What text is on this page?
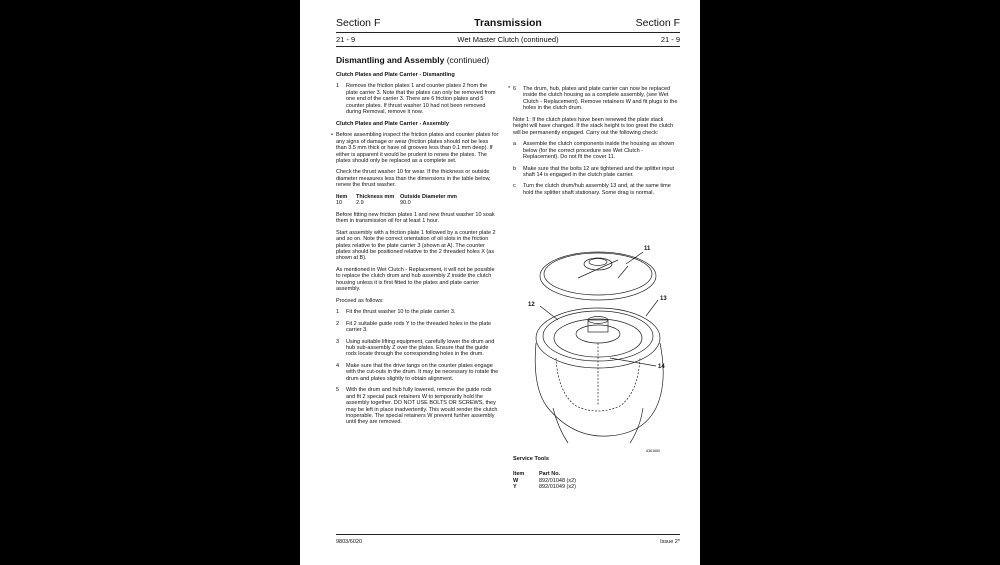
Section F	Transmission	Section F
21 - 9	Wet Master Clutch (continued)	21 - 9
Dismantling and Assembly (continued)
Clutch Plates and Plate Carrier - Dismantling

1 Remove the friction plates 1 and counter plates 2 from the plate carrier 3. Note that the plates can only be removed from one end of the carrier 3. There are 6 friction plates and 5 counter plates. If thrust washer 10 had not been removed during Removal, remove it now.

Clutch Plates and Plate Carrier - Assembly

• Before assembling inspect the friction plates and counter plates for any signs of damage or wear (friction plates should not be less than 3.5 mm thick or have oil grooves less than 0.1 mm deep). If either is apparent it would be prudent to renew the plates. The plates should only be replaced as a complete set.

Check the thrust washer 10 for wear. If the thickness or outside diameter measures less than the dimensions in the table below, renew the thrust washer.

Item	Thickness mm	Outside Diameter mm
10	2.9	90.0

Before fitting new friction plates 1 and new thrust washer 10 soak them in transmission oil for at least 1 hour.

Start assembly with a friction plate 1 followed by a counter plate 2 and so on. Note the correct orientation of oil slots in the friction plates relative to the plate carrier 3 (shown at A). The counter plates should be positioned relative to the 2 threaded holes X (as shown at B).

As mentioned in Wet Clutch - Replacement, it will not be possible to replace the clutch drum and hub assembly Z inside the clutch housing unless it is first fitted to the plates and plate carrier assembly.

Proceed as follows:

1 Fit the thrust washer 10 to the plate carrier 3.

2 Fit 2 suitable guide rods Y to the threaded holes in the plate carrier 3.

3 Using suitable lifting equipment, carefully lower the drum and hub sub-assembly Z over the plates. Ensure that the guide rods locate through the corresponding holes in the drum.

4 Make sure that the drive tangs on the counter plates engage with the cut-outs in the drum. It may be necessary to rotate the drum and plates slightly to obtain alignment.

5 With the drum and hub fully lowered, remove the guide rods and fit 2 special pack retainers W to temporarily hold the assembly together. DO NOT USE BOLTS OR SCREWS, they may be left in place inadvertently. This would render the clutch inoperable. The special retainers W prevent further assembly until they are removed.

* 6 The drum, hub, plates and plate carrier can now be replaced inside the clutch housing as a complete assembly, (see Wet Clutch - Replacement). Remove retainers W and fit plugs to the holes in the clutch drum.

Note 1: If the clutch plates have been renewed the plate stack height will have changed. If the stack height is too great the clutch will be permanently engaged. Carry out the following check:

a Assemble the clutch components inside the housing as shown below (for the correct procedure see Wet Clutch - Replacement). Do not fit the cover 11.

b Make sure that the bolts 12 are tightened and the splitter input shaft 14 is engaged in the clutch plate carrier.

c Turn the clutch drum/hub assembly 13 and, at the same time hold the splitter shaft stationary. Some drag is normal.

11
12
13
14
A361660
Service Tools
Item	Part No.
W	892/01048 (x2)
Y	892/01049 (x2)
9803/6020	Issue 2*
